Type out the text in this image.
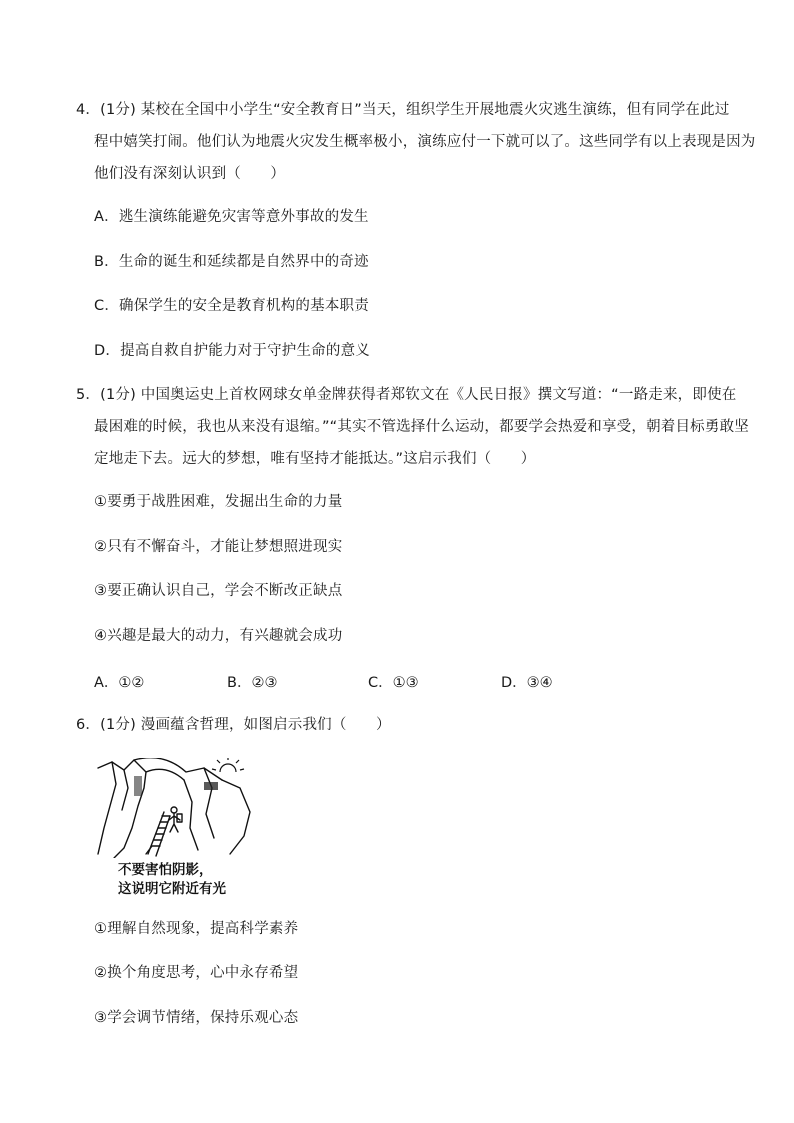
4．(1分) 某校在全国中小学生“安全教育日”当天，组织学生开展地震火灾逃生演练，但有同学在此过
程中嬉笑打闹。他们认为地震火灾发生概率极小，演练应付一下就可以了。这些同学有以上表现是因为
他们没有深刻认识到（　　）
A．逃生演练能避免灾害等意外事故的发生
B．生命的诞生和延续都是自然界中的奇迹
C．确保学生的安全是教育机构的基本职责
D．提高自救自护能力对于守护生命的意义
5．(1分) 中国奥运史上首枚网球女单金牌获得者郑钦文在《人民日报》撰文写道：“一路走来，即使在
最困难的时候，我也从来没有退缩。”“其实不管选择什么运动，都要学会热爱和享受，朝着目标勇敢坚
定地走下去。远大的梦想，唯有坚持才能抵达。”这启示我们（　　）
①要勇于战胜困难，发掘出生命的力量
②只有不懈奋斗，才能让梦想照进现实
③要正确认识自己，学会不断改正缺点
④兴趣是最大的动力，有兴趣就会成功
A．①②	B．②③	C．①③	D．③④
6．(1分) 漫画蕴含哲理，如图启示我们（　　）
不要害怕阴影，
这说明它附近有光
①理解自然现象，提高科学素养
②换个角度思考，心中永存希望
③学会调节情绪，保持乐观心态
